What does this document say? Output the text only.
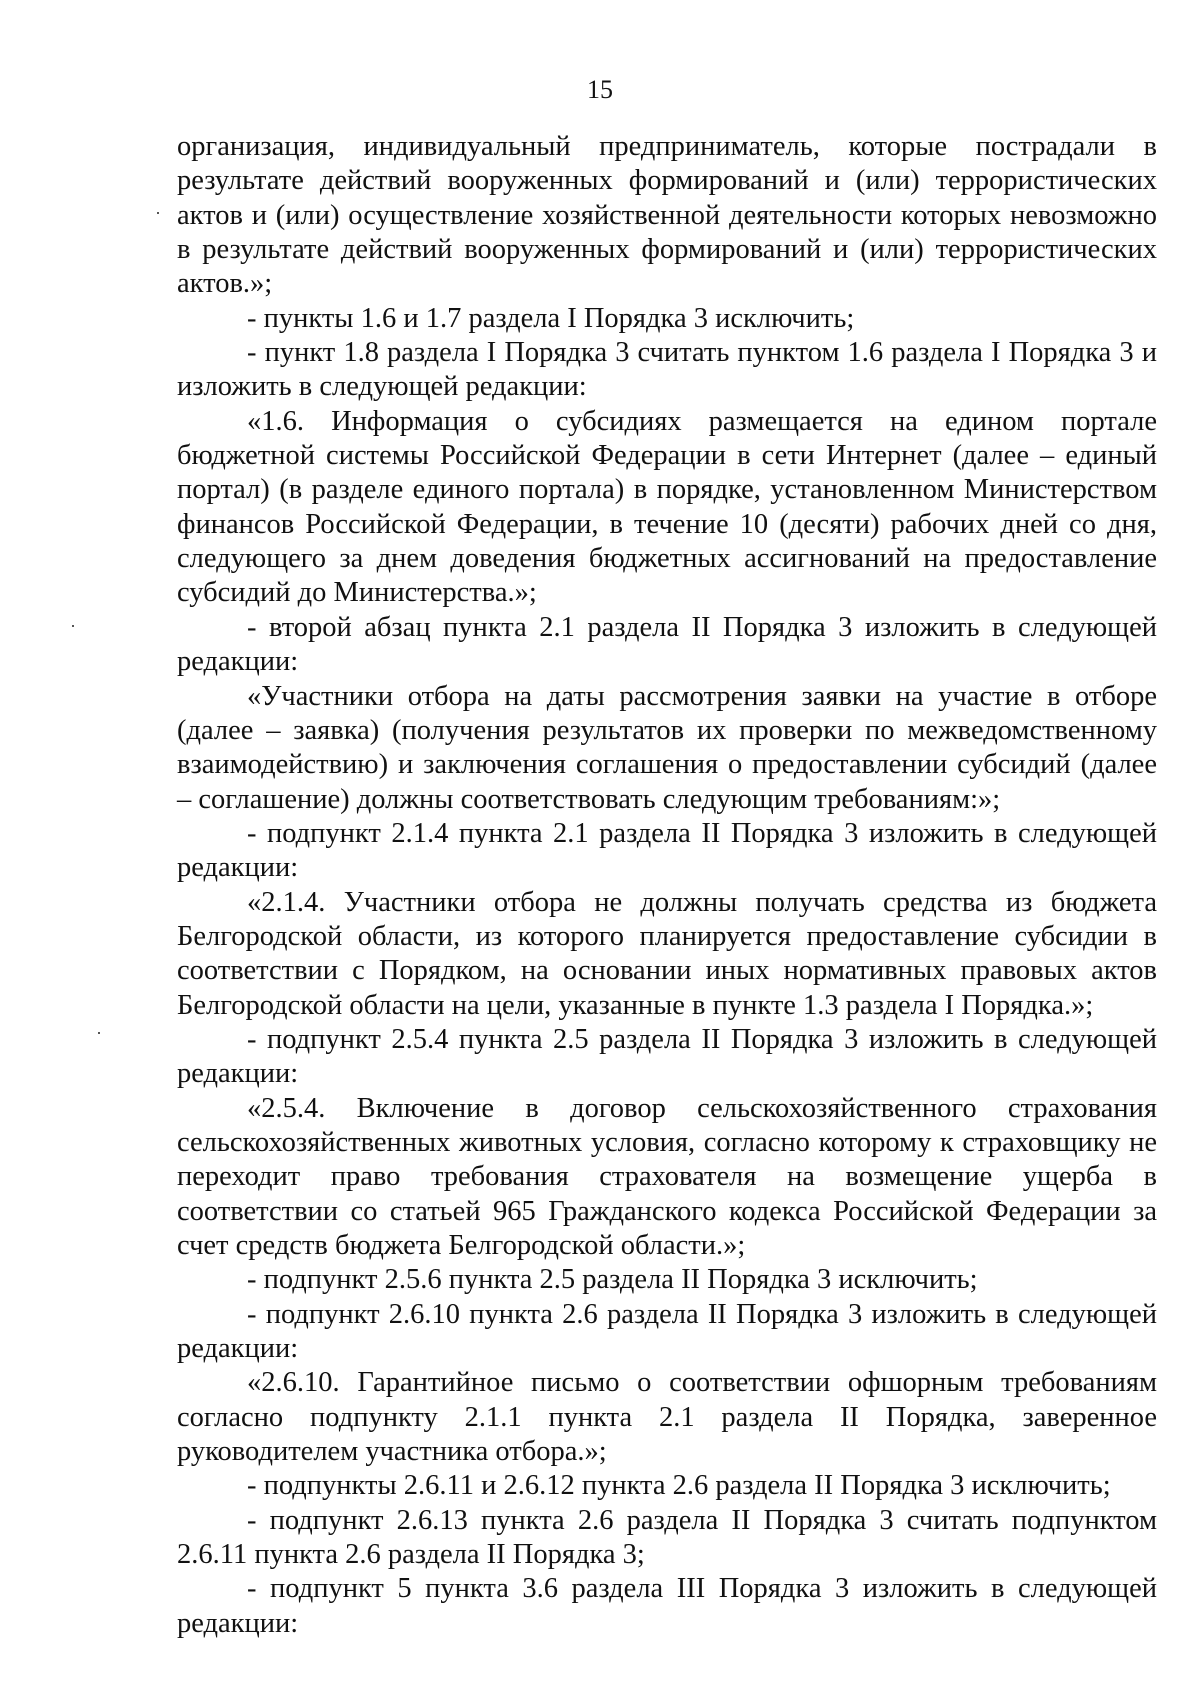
15

организация, индивидуальный предприниматель, которые пострадали в результате действий вооруженных формирований и (или) террористических актов и (или) осуществление хозяйственной деятельности которых невозможно в результате действий вооруженных формирований и (или) террористических актов.»;

- пункты 1.6 и 1.7 раздела I Порядка 3 исключить;

- пункт 1.8 раздела I Порядка 3 считать пунктом 1.6 раздела I Порядка 3 и изложить в следующей редакции:

«1.6. Информация о субсидиях размещается на едином портале бюджетной системы Российской Федерации в сети Интернет (далее – единый портал) (в разделе единого портала) в порядке, установленном Министерством финансов Российской Федерации, в течение 10 (десяти) рабочих дней со дня, следующего за днем доведения бюджетных ассигнований на предоставление субсидий до Министерства.»;

- второй абзац пункта 2.1 раздела II Порядка 3 изложить в следующей редакции:

«Участники отбора на даты рассмотрения заявки на участие в отборе (далее – заявка) (получения результатов их проверки по межведомственному взаимодействию) и заключения соглашения о предоставлении субсидий (далее – соглашение) должны соответствовать следующим требованиям:»;

- подпункт 2.1.4 пункта 2.1 раздела II Порядка 3 изложить в следующей редакции:

«2.1.4. Участники отбора не должны получать средства из бюджета Белгородской области, из которого планируется предоставление субсидии в соответствии с Порядком, на основании иных нормативных правовых актов Белгородской области на цели, указанные в пункте 1.3 раздела I Порядка.»;

- подпункт 2.5.4 пункта 2.5 раздела II Порядка 3 изложить в следующей редакции:

«2.5.4. Включение в договор сельскохозяйственного страхования сельскохозяйственных животных условия, согласно которому к страховщику не переходит право требования страхователя на возмещение ущерба в соответствии со статьей 965 Гражданского кодекса Российской Федерации за счет средств бюджета Белгородской области.»;

- подпункт 2.5.6 пункта 2.5 раздела II Порядка 3 исключить;

- подпункт 2.6.10 пункта 2.6 раздела II Порядка 3 изложить в следующей редакции:

«2.6.10. Гарантийное письмо о соответствии офшорным требованиям согласно подпункту 2.1.1 пункта 2.1 раздела II Порядка, заверенное руководителем участника отбора.»;

- подпункты 2.6.11 и 2.6.12 пункта 2.6 раздела II Порядка 3 исключить;

- подпункт 2.6.13 пункта 2.6 раздела II Порядка 3 считать подпунктом 2.6.11 пункта 2.6 раздела II Порядка 3;

- подпункт 5 пункта 3.6 раздела III Порядка 3 изложить в следующей редакции:
